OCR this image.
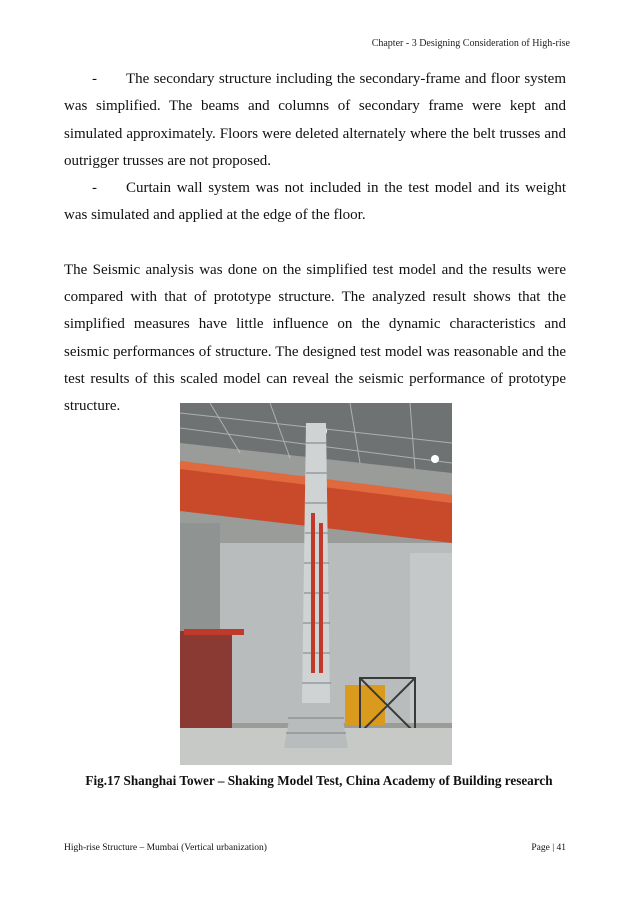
Chapter - 3 Designing Consideration of High-rise

- The secondary structure including the secondary-frame and floor system was simplified. The beams and columns of secondary frame were kept and simulated approximately. Floors were deleted alternately where the belt trusses and outrigger trusses are not proposed.

- Curtain wall system was not included in the test model and its weight was simulated and applied at the edge of the floor.

The Seismic analysis was done on the simplified test model and the results were compared with that of prototype structure. The analyzed result shows that the simplified measures have little influence on the dynamic characteristics and seismic performances of structure. The designed test model was reasonable and the test results of this scaled model can reveal the seismic performance of prototype structure.

Fig.17 Shanghai Tower – Shaking Model Test, China Academy of Building research
High-rise Structure – Mumbai (Vertical urbanization)	Page | 41
